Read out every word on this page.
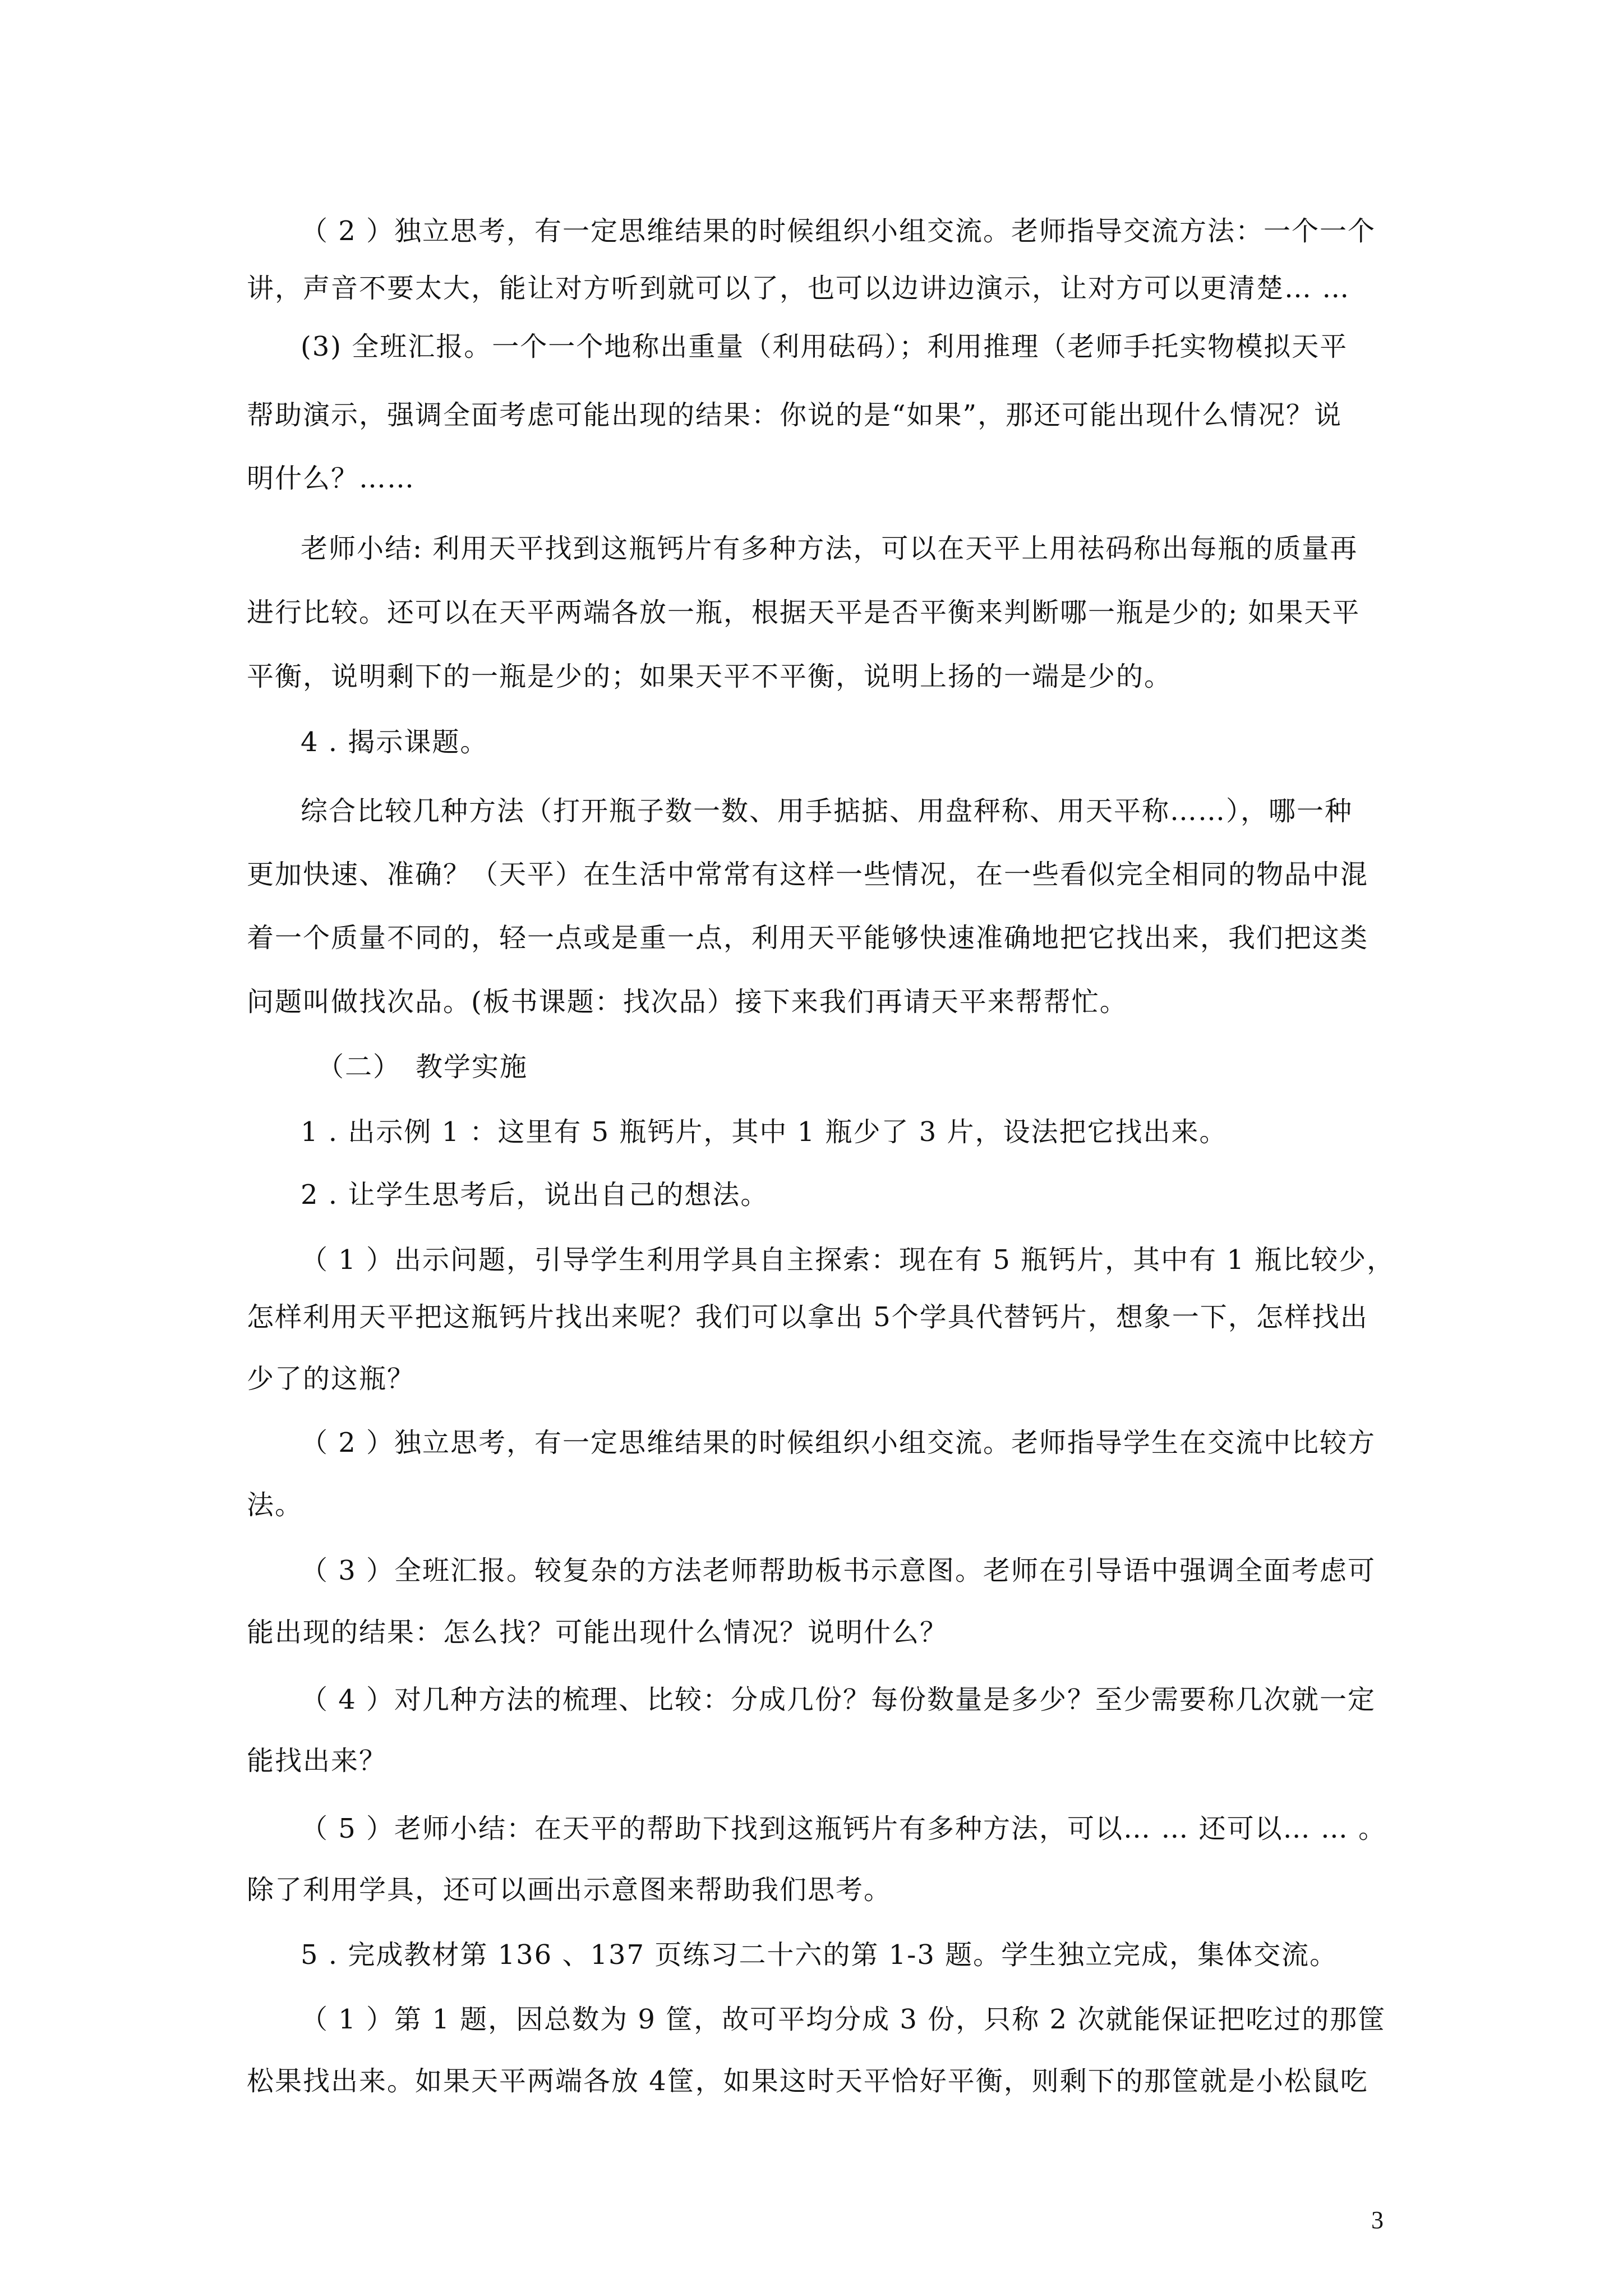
（ 2 ）独立思考，有一定思维结果的时候组织小组交流。老师指导交流方法：一个一个
讲，声音不要太大，能让对方听到就可以了，也可以边讲边演示，让对方可以更清楚… …
(3) 全班汇报。一个一个地称出重量（利用砝码）；利用推理（老师手托实物模拟天平
帮助演示，强调全面考虑可能出现的结果：你说的是“如果”，那还可能出现什么情况？说
明什么？……
老师小结: 利用天平找到这瓶钙片有多种方法，可以在天平上用祛码称出每瓶的质量再
进行比较。还可以在天平两端各放一瓶，根据天平是否平衡来判断哪一瓶是少的; 如果天平
平衡，说明剩下的一瓶是少的；如果天平不平衡，说明上扬的一端是少的。
4 . 揭示课题。
综合比较几种方法（打开瓶子数一数、用手掂掂、用盘秤称、用天平称……），哪一种
更加快速、准确？（天平）在生活中常常有这样一些情况，在一些看似完全相同的物品中混
着一个质量不同的，轻一点或是重一点，利用天平能够快速准确地把它找出来，我们把这类
问题叫做找次品。(板书课题：找次品）接下来我们再请天平来帮帮忙。
（二）　教学实施
1 . 出示例 1 ：这里有 5 瓶钙片，其中 1 瓶少了 3 片，设法把它找出来。
2 . 让学生思考后，说出自己的想法。
（ 1 ）出示问题，引导学生利用学具自主探索：现在有 5 瓶钙片，其中有 1 瓶比较少，
怎样利用天平把这瓶钙片找出来呢？我们可以拿出 5个学具代替钙片，想象一下，怎样找出
少了的这瓶？
（ 2 ）独立思考，有一定思维结果的时候组织小组交流。老师指导学生在交流中比较方
法。
（ 3 ）全班汇报。较复杂的方法老师帮助板书示意图。老师在引导语中强调全面考虑可
能出现的结果：怎么找？可能出现什么情况？说明什么？
（ 4 ）对几种方法的梳理、比较：分成几份？每份数量是多少？至少需要称几次就一定
能找出来？
（ 5 ）老师小结：在天平的帮助下找到这瓶钙片有多种方法，可以… … 还可以… … 。
除了利用学具，还可以画出示意图来帮助我们思考。
5 . 完成教材第 136 、137 页练习二十六的第 1-3 题。学生独立完成，集体交流。
（ 1 ）第 1 题，因总数为 9 筐，故可平均分成 3 份，只称 2 次就能保证把吃过的那筐
松果找出来。如果天平两端各放 4筐，如果这时天平恰好平衡，则剩下的那筐就是小松鼠吃
3
